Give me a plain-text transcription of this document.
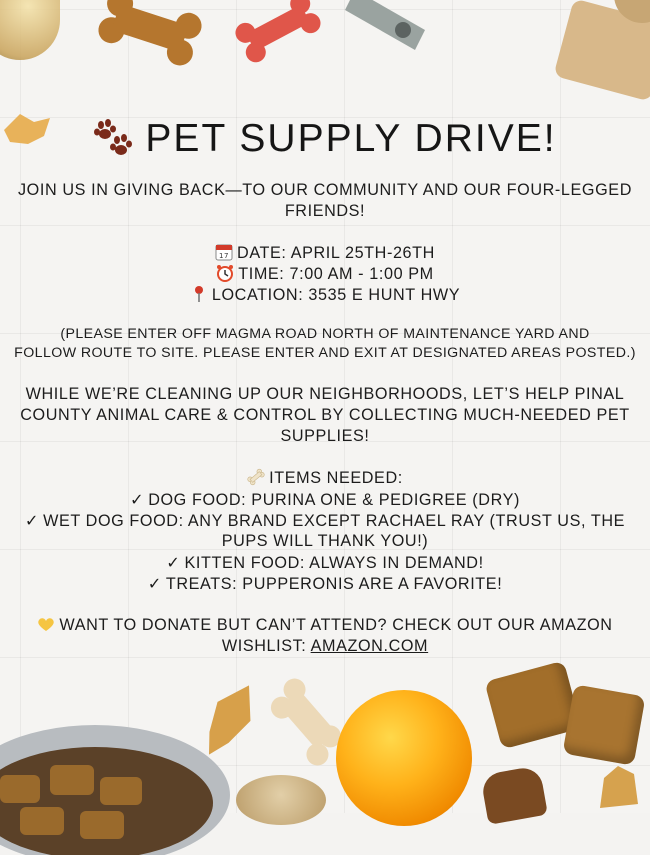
PET SUPPLY DRIVE!
JOIN US IN GIVING BACK—TO OUR COMMUNITY AND OUR FOUR-LEGGED
FRIENDS!
17 DATE: APRIL 25TH-26TH
TIME: 7:00 AM - 1:00 PM
LOCATION: 3535 E HUNT HWY
(PLEASE ENTER OFF MAGMA ROAD NORTH OF MAINTENANCE YARD AND
FOLLOW ROUTE TO SITE. PLEASE ENTER AND EXIT AT DESIGNATED AREAS POSTED.)
WHILE WE’RE CLEANING UP OUR NEIGHBORHOODS, LET’S HELP PINAL
COUNTY ANIMAL CARE & CONTROL BY COLLECTING MUCH-NEEDED PET
SUPPLIES!
ITEMS NEEDED:
✓ DOG FOOD: PURINA ONE & PEDIGREE (DRY)
✓ WET DOG FOOD: ANY BRAND EXCEPT RACHAEL RAY (TRUST US, THE
PUPS WILL THANK YOU!)
✓ KITTEN FOOD: ALWAYS IN DEMAND!
✓ TREATS: PUPPERONIS ARE A FAVORITE!
WANT TO DONATE BUT CAN’T ATTEND? CHECK OUT OUR AMAZON
WISHLIST: AMAZON.COM
